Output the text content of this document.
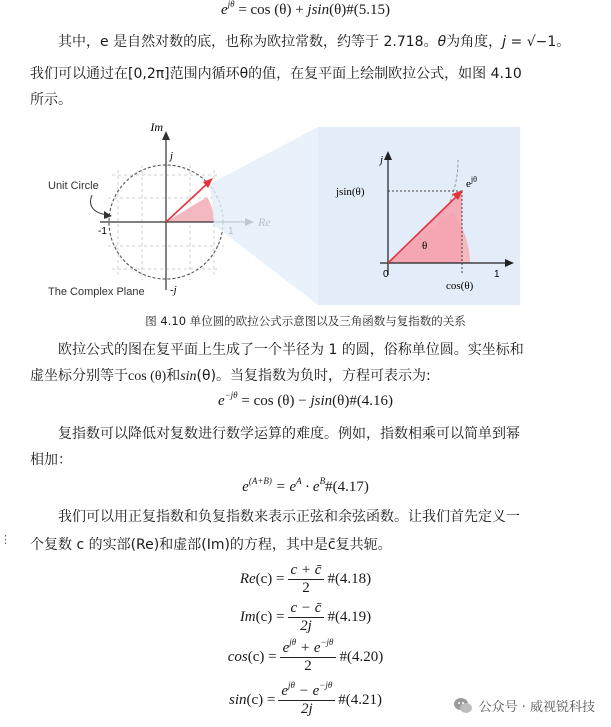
$e^{j\theta} = \cos (\theta)$ + jsin(θ)#(5.15)
其中，e 是自然对数的底，也称为欧拉常数，约等于 2.718。θ为角度，j = √−1。
我们可以通过在[0,2π]范围内循环θ的值，在复平面上绘制欧拉公式，如图 4.10
所示。
Im
j
-j
-1
Unit Circle
The Complex Plane
j
jsin(θ)
$e^{j\theta}$
θ
0	1
cos(θ)
图 4.10 单位圆的欧拉公式示意图以及三角函数与复指数的关系
欧拉公式的图在复平面上生成了一个半径为 1 的圆，俗称单位圆。实坐标和
虚坐标分别等于cos (θ)和sin(θ)。当复指数为负时，方程可表示为:
$e^{-j\theta} = \cos (\theta)$ − jsin(θ)#(4.16)
复指数可以降低对复数进行数学运算的难度。例如，指数相乘可以简单到幂
相加：
$e^{(A+B)} = e^A$ · $e^B\#(4.17)$
⋮
我们可以用正复指数和负复指数来表示正弦和余弦函数。让我们首先定义一
个复数 c 的实部(Re)和虚部(Im)的方程，其中是c̄复共轭。
Re $(c) = \frac{c + c̄}{2}$ #(4.18)
Im $(c) = \frac{c - c̄}{2j}$ #(4.19)
$\cos (c) = \frac{e^{j\theta} + e^{-j\theta}}{2}$ #(4.20)
$\sin (c) = \frac{e^{j\theta} - e^{-j\theta}}{2j}$ #(4.21)	公众号 · 威视锐科技
